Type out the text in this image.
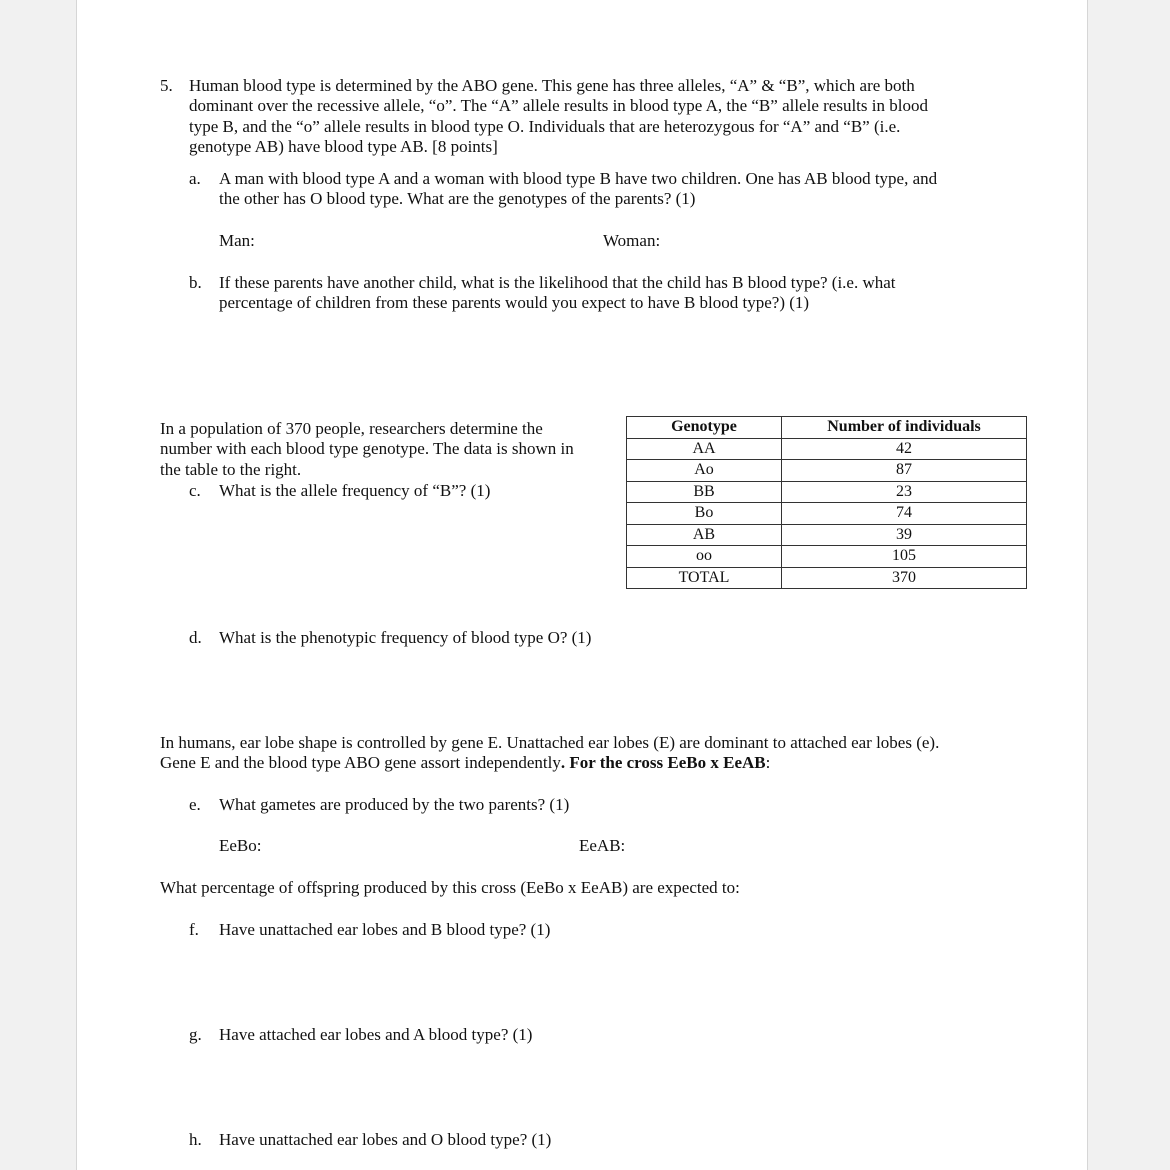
5. Human blood type is determined by the ABO gene. This gene has three alleles, “A” & “B”, which are both
dominant over the recessive allele, “o”. The “A” allele results in blood type A, the “B” allele results in blood
type B, and the “o” allele results in blood type O. Individuals that are heterozygous for “A” and “B” (i.e.
genotype AB) have blood type AB. [8 points]
a. A man with blood type A and a woman with blood type B have two children. One has AB blood type, and
the other has O blood type. What are the genotypes of the parents? (1)
Man:	Woman:
b. If these parents have another child, what is the likelihood that the child has B blood type? (i.e. what
percentage of children from these parents would you expect to have B blood type?) (1)
In a population of 370 people, researchers determine the
number with each blood type genotype. The data is shown in
the table to the right.
c. What is the allele frequency of “B”? (1)
Genotype	Number of individuals
AA	42
Ao	87
BB	23
Bo	74
AB	39
oo	105
TOTAL	370
d. What is the phenotypic frequency of blood type O? (1)
In humans, ear lobe shape is controlled by gene E. Unattached ear lobes (E) are dominant to attached ear lobes (e).
Gene E and the blood type ABO gene assort independently. For the cross EeBo x EeAB:
e. What gametes are produced by the two parents? (1)
EeBo:	EeAB:
What percentage of offspring produced by this cross (EeBo x EeAB) are expected to:
f. Have unattached ear lobes and B blood type? (1)
g. Have attached ear lobes and A blood type? (1)
h. Have unattached ear lobes and O blood type? (1)
